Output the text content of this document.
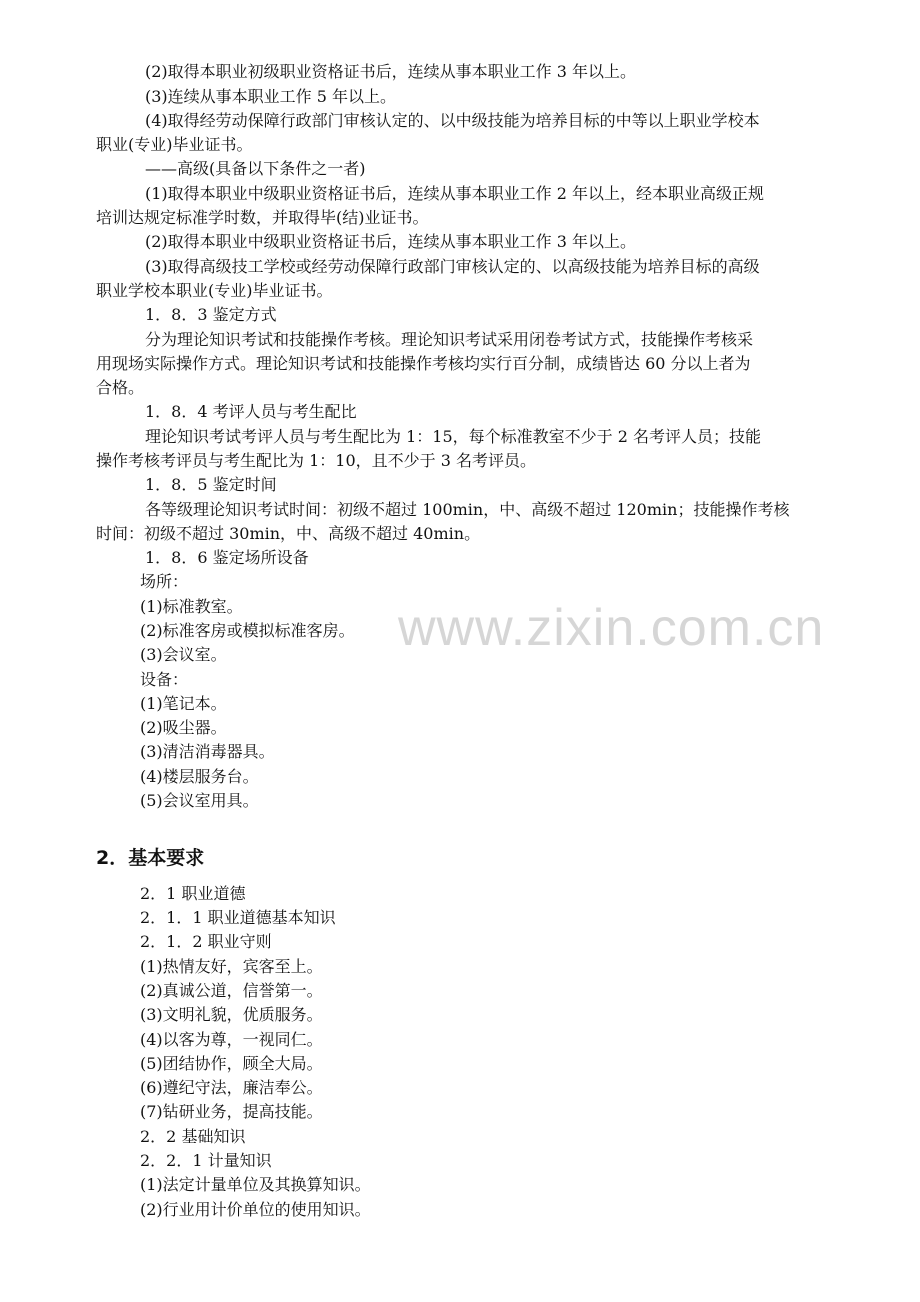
www.zixin.com.cn
(2)取得本职业初级职业资格证书后，连续从事本职业工作 3 年以上。
(3)连续从事本职业工作 5 年以上。
(4)取得经劳动保障行政部门审核认定的、以中级技能为培养目标的中等以上职业学校本
职业(专业)毕业证书。
——高级(具备以下条件之一者)
(1)取得本职业中级职业资格证书后，连续从事本职业工作 2 年以上，经本职业高级正规
培训达规定标准学时数，并取得毕(结)业证书。
(2)取得本职业中级职业资格证书后，连续从事本职业工作 3 年以上。
(3)取得高级技工学校或经劳动保障行政部门审核认定的、以高级技能为培养目标的高级
职业学校本职业(专业)毕业证书。
1．8．3 鉴定方式
分为理论知识考试和技能操作考核。理论知识考试采用闭卷考试方式，技能操作考核采
用现场实际操作方式。理论知识考试和技能操作考核均实行百分制，成绩皆达 60 分以上者为
合格。
1．8．4 考评人员与考生配比
理论知识考试考评人员与考生配比为 1：15，每个标准教室不少于 2 名考评人员；技能
操作考核考评员与考生配比为 1：10，且不少于 3 名考评员。
1．8．5 鉴定时间
各等级理论知识考试时间：初级不超过 100min，中、高级不超过 120min；技能操作考核
时间：初级不超过 30min，中、高级不超过 40min。
1．8．6 鉴定场所设备
场所：
(1)标准教室。
(2)标准客房或模拟标准客房。
(3)会议室。
设备：
(1)笔记本。
(2)吸尘器。
(3)清洁消毒器具。
(4)楼层服务台。
(5)会议室用具。
2．基本要求
2．1 职业道德
2．1．1 职业道德基本知识
2．1．2 职业守则
(1)热情友好，宾客至上。
(2)真诚公道，信誉第一。
(3)文明礼貌，优质服务。
(4)以客为尊，一视同仁。
(5)团结协作，顾全大局。
(6)遵纪守法，廉洁奉公。
(7)钻研业务，提高技能。
2．2 基础知识
2．2．1 计量知识
(1)法定计量单位及其换算知识。
(2)行业用计价单位的使用知识。
